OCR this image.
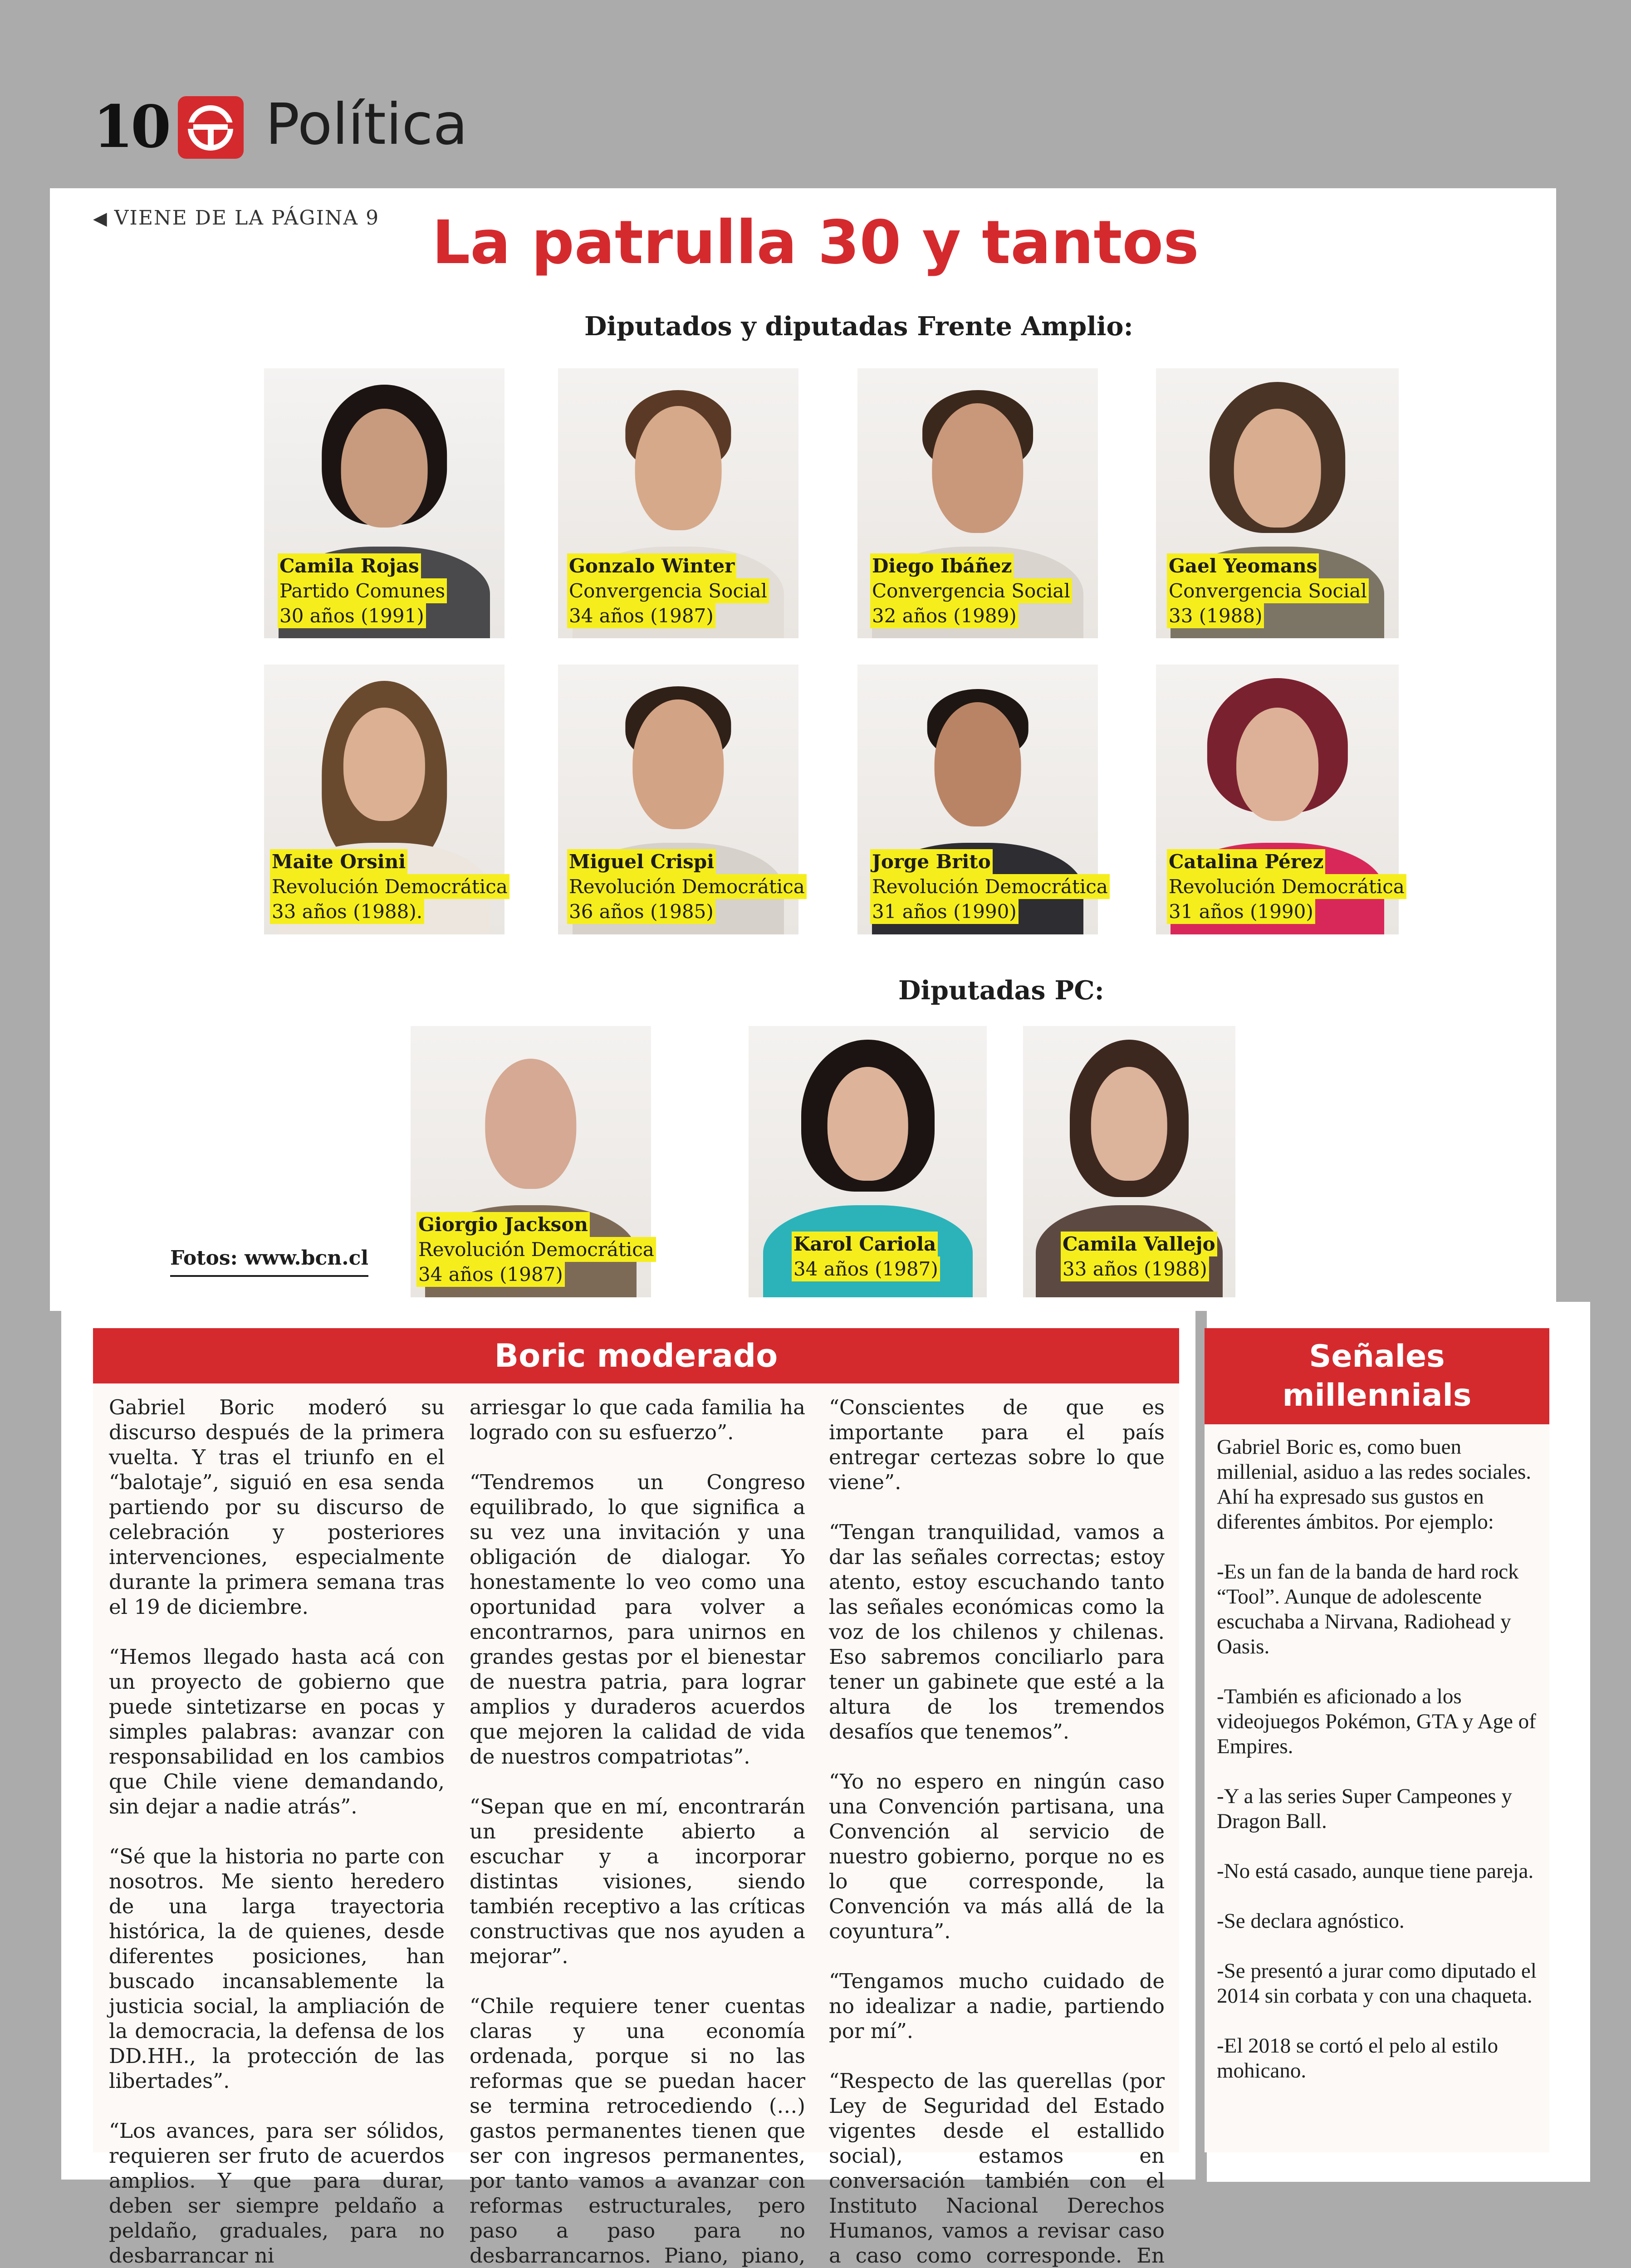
10 Política
◀ VIENE DE LA PÁGINA 9 La patrulla 30 y tantos
Diputados y diputadas Frente Amplio:
Diputadas PC:
Camila Rojas
Partido Comunes
30 años (1991)
Gonzalo Winter
Convergencia Social
34 años (1987)
Diego Ibáñez
Convergencia Social
32 años (1989)
Gael Yeomans
Convergencia Social
33 (1988)
Maite Orsini
Revolución Democrática
33 años (1988).
Miguel Crispi
Revolución Democrática
36 años (1985)
Jorge Brito
Revolución Democrática
31 años (1990)
Catalina Pérez
Revolución Democrática
31 años (1990)
Giorgio Jackson
Revolución Democrática
34 años (1987)
Karol Cariola
34 años (1987)
Camila Vallejo
33 años (1988)
Fotos: www.bcn.cl
Boric moderado

Gabriel Boric moderó su discurso después de la primera vuelta. Y tras el triunfo en el “balotaje”, siguió en esa senda partiendo por su discurso de celebración y posteriores intervenciones, especialmente durante la primera semana tras el 19 de diciembre.

“Hemos llegado hasta acá con un proyecto de gobierno que puede sintetizarse en pocas y simples palabras: avanzar con responsabilidad en los cambios que Chile viene demandando, sin dejar a nadie atrás”.

“Sé que la historia no parte con nosotros. Me siento heredero de una larga trayectoria histórica, la de quienes, desde diferentes posiciones, han buscado incansablemente la justicia social, la ampliación de la democracia, la defensa de los DD.HH., la protección de las libertades”.

“Los avances, para ser sólidos, requieren ser fruto de acuerdos amplios. Y que para durar, deben ser siempre peldaño a peldaño, graduales, para no desbarrancar ni

arriesgar lo que cada familia ha logrado con su esfuerzo”.

“Tendremos un Congreso equilibrado, lo que significa a su vez una invitación y una obligación de dialogar. Yo honestamente lo veo como una oportunidad para volver a encontrarnos, para unirnos en grandes gestas por el bienestar de nuestra patria, para lograr amplios y duraderos acuerdos que mejoren la calidad de vida de nuestros compatriotas”.

“Sepan que en mí, encontrarán un presidente abierto a escuchar y a incorporar distintas visiones, siendo también receptivo a las críticas constructivas que nos ayuden a mejorar”.

“Chile requiere tener cuentas claras y una economía ordenada, porque si no las reformas que se puedan hacer se termina retrocediendo (…) gastos permanentes tienen que ser con ingresos permanentes, por tanto vamos a avanzar con reformas estructurales, pero paso a paso para no desbarrancarnos. Piano, piano,

“Conscientes de que es importante para el país entregar certezas sobre lo que viene”.

“Tengan tranquilidad, vamos a dar las señales correctas; estoy atento, estoy escuchando tanto las señales económicas como la voz de los chilenos y chilenas. Eso sabremos conciliarlo para tener un gabinete que esté a la altura de los tremendos desafíos que tenemos”.

“Yo no espero en ningún caso una Convención partisana, una Convención al servicio de nuestro gobierno, porque no es lo que corresponde, la Convención va más allá de la coyuntura”.

“Tengamos mucho cuidado de no idealizar a nadie, partiendo por mí”.

“Respecto de las querellas (por Ley de Seguridad del Estado vigentes desde el estallido social), estamos en conversación también con el Instituto Nacional Derechos Humanos, vamos a revisar caso a caso como corresponde. En

Señales
millennials

Gabriel Boric es, como buen millenial, asiduo a las redes sociales. Ahí ha expresado sus gustos en diferentes ámbitos. Por ejemplo:

-Es un fan de la banda de hard rock “Tool”. Aunque de adolescente escuchaba a Nirvana, Radiohead y Oasis.

-También es aficionado a los videojuegos Pokémon, GTA y Age of Empires.

-Y a las series Super Campeones y Dragon Ball.

-No está casado, aunque tiene pareja.

-Se declara agnóstico.

-Se presentó a jurar como diputado el 2014 sin corbata y con una chaqueta.

-El 2018 se cortó el pelo al estilo mohicano.
